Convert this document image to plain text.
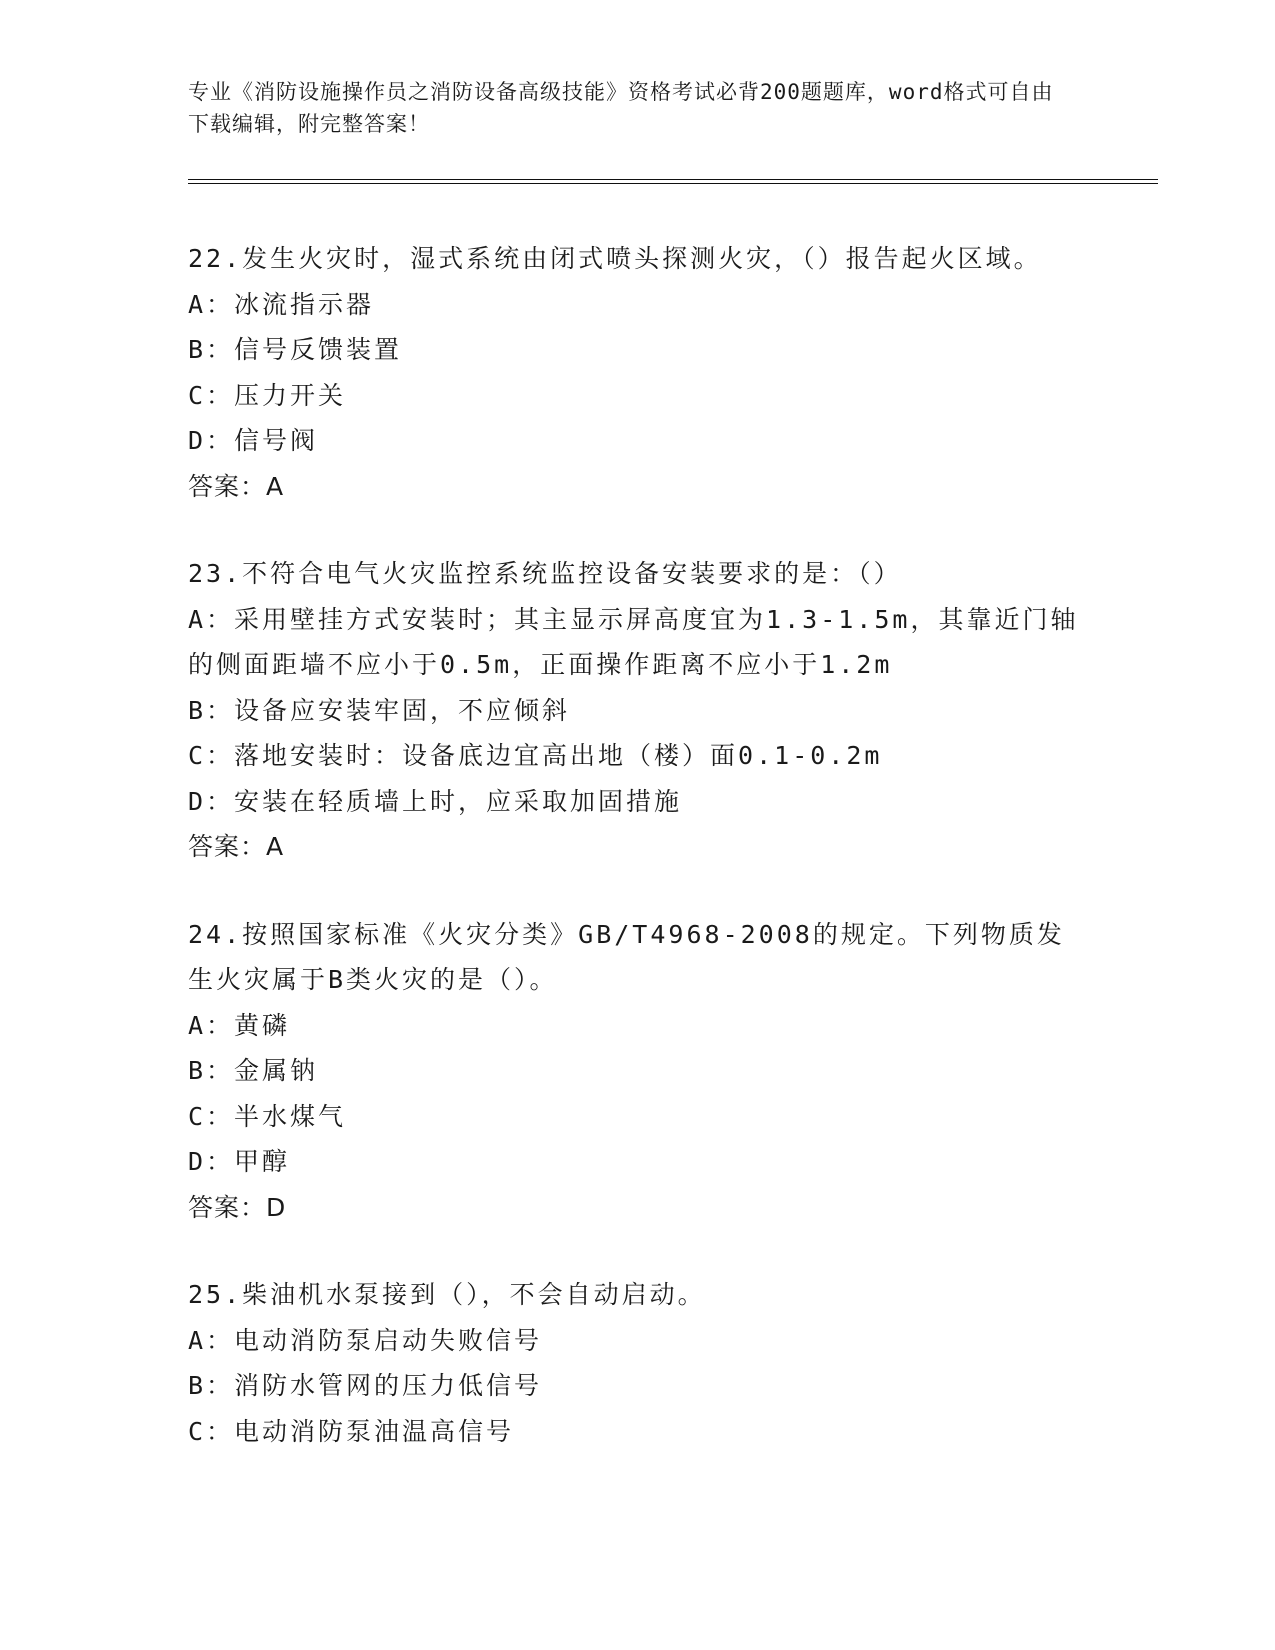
专业《消防设施操作员之消防设备高级技能》资格考试必背200题题库，word格式可自由下载编辑，附完整答案！
22.发生火灾时，湿式系统由闭式喷头探测火灾，（）报告起火区域。
A：冰流指示器
B：信号反馈装置
C：压力开关
D：信号阀
答案：A
23.不符合电气火灾监控系统监控设备安装要求的是：（）
A：采用壁挂方式安装时；其主显示屏高度宜为1.3-1.5m，其靠近门轴的侧面距墙不应小于0.5m，正面操作距离不应小于1.2m
B：设备应安装牢固，不应倾斜
C：落地安装时：设备底边宜高出地（楼）面0.1-0.2m
D：安装在轻质墙上时，应采取加固措施
答案：A
24.按照国家标准《火灾分类》GB/T4968-2008的规定。下列物质发生火灾属于B类火灾的是（）。
A：黄磷
B：金属钠
C：半水煤气
D：甲醇
答案：D
25.柴油机水泵接到（），不会自动启动。
A：电动消防泵启动失败信号
B：消防水管网的压力低信号
C：电动消防泵油温高信号
